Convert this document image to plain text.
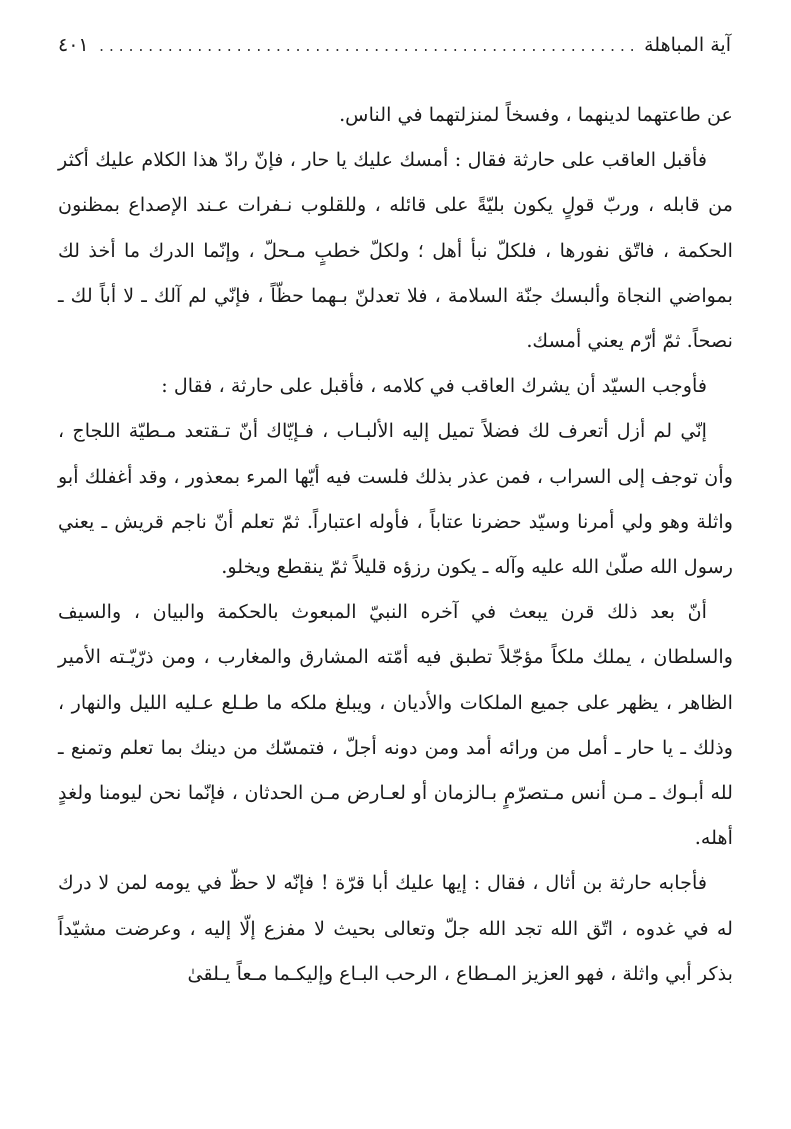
آية المباهلة
.....
٤٠١

عن طاعتهما لدينهما ، وفسخاً لمنزلتهما في الناس.

فأقبل العاقب على حارثة فقال : أمسك عليك يا حار ، فإنّ رادّ هذا الكلام عليك أكثر من قابله ، وربّ قولٍ يكون بليّةً على قائله ، وللقلوب نـفرات عـند الإصداع بمظنون الحكمة ، فاتّق نفورها ، فلكلّ نبأ أهل ؛ ولكلّ خطبٍ مـحلّ ، وإنّما الدرك ما أخذ لك بمواضي النجاة وألبسك جنّة السلامة ، فلا تعدلنّ بـهما حظّاً ، فإنّي لم آلك ـ لا أباً لك ـ نصحاً. ثمّ أرّم يعني أمسك.

فأوجب السيّد أن يشرك العاقب في كلامه ، فأقبل على حارثة ، فقال :

إنّي لم أزل أتعرف لك فضلاً تميل إليه الألبـاب ، فـإيّاك أنّ تـقتعد مـطيّة اللجاج ، وأن توجف إلى السراب ، فمن عذر بذلك فلست فيه أيّها المرء بمعذور ، وقد أغفلك أبو واثلة وهو ولي أمرنا وسيّد حضرنا عتاباً ، فأوله اعتباراً. ثمّ تعلم أنّ ناجم قريش ـ يعني رسول الله صلّىٰ الله عليه وآله ـ يكون رزؤه قليلاً ثمّ ينقطع ويخلو.

أنّ بعد ذلك قرن يبعث في آخره النبيّ المبعوث بالحكمة والبيان ، والسيف والسلطان ، يملك ملكاً مؤجّلاً تطبق فيه أمّته المشارق والمغارب ، ومن ذرّيّـته الأمير الظاهر ، يظهر على جميع الملكات والأديان ، ويبلغ ملكه ما طـلع عـليه الليل والنهار ، وذلك ـ يا حار ـ أمل من ورائه أمد ومن دونه أجلّ ، فتمسّك من دينك بما تعلم وتمنع ـ لله أبـوك ـ مـن أنس مـتصرّمٍ بـالزمان أو لعـارض مـن الحدثان ، فإنّما نحن ليومنا ولغدٍ أهله.

فأجابه حارثة بن أثال ، فقال : إيها عليك أبا قرّة ! فإنّه لا حظّ في يومه لمن لا درك له في غدوه ، اتّق الله تجد الله جلّ وتعالى بحيث لا مفزع إلّا إليه ، وعرضت مشيّداً بذكر أبي واثلة ، فهو العزيز المـطاع ، الرحب البـاع وإليكـما مـعاً يـلقىٰ
